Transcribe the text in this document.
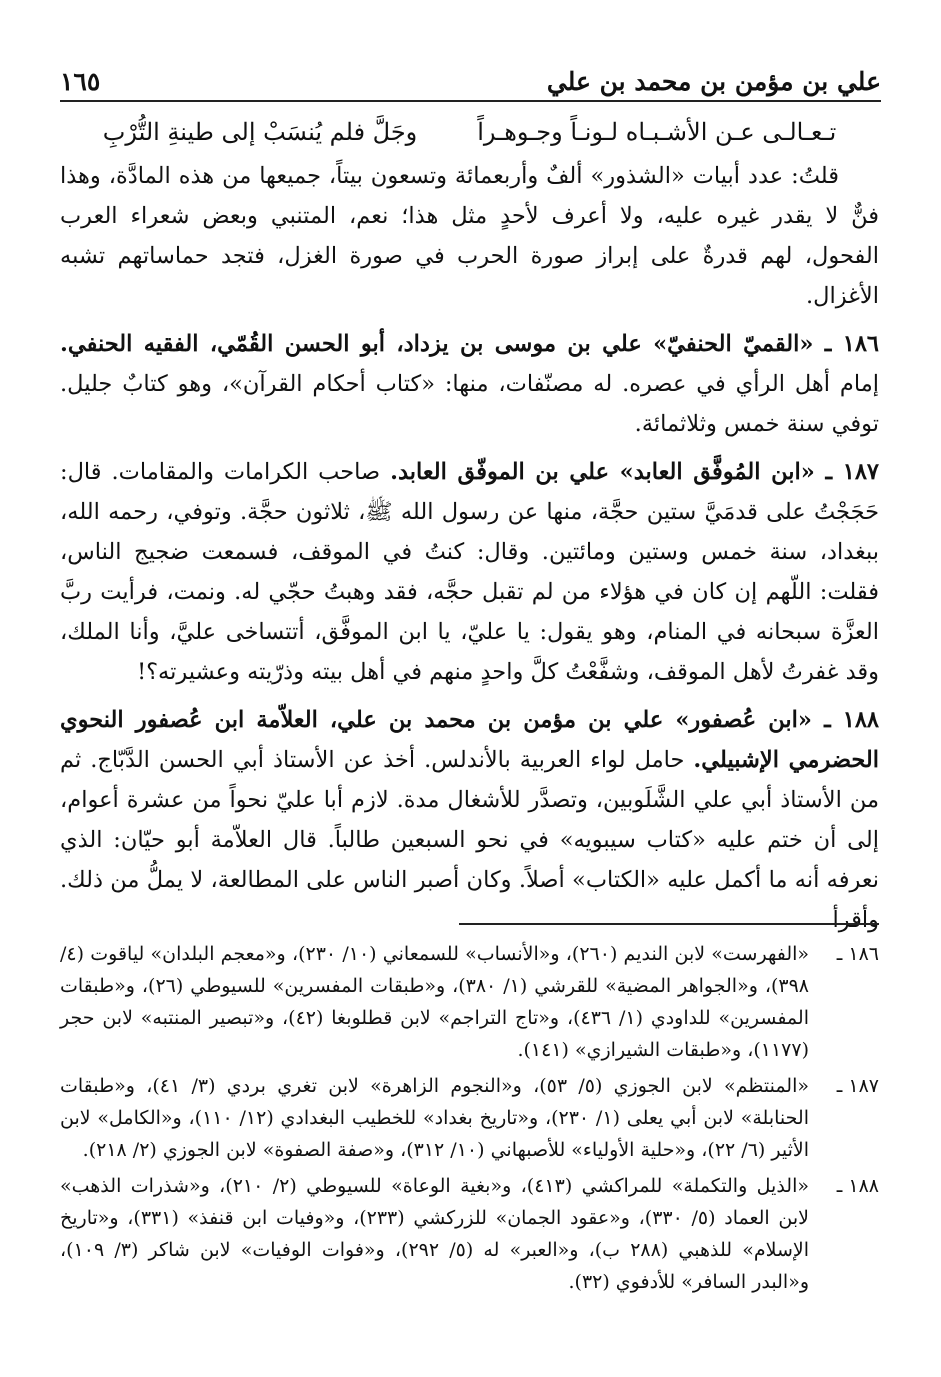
علي بن مؤمن بن محمد بن علي
١٦٥
تـعـالـى عـن الأشـبـاه لـونـاً وجـوهـراً
وجَلَّ فلم يُنسَبْ إلى طينةِ التُّرْبِ

قلتُ: عدد أبيات «الشذور» ألفٌ وأربعمائة وتسعون بيتاً، جميعها من هذه المادَّة، وهذا فنٌّ لا يقدر غيره عليه، ولا أعرف لأحدٍ مثل هذا؛ نعم، المتنبي وبعض شعراء العرب الفحول، لهم قدرةٌ على إبراز صورة الحرب في صورة الغزل، فتجد حماساتهم تشبه الأغزال.

١٨٦ ـ «القميّ الحنفيّ» علي بن موسى بن يزداد، أبو الحسن القُمّي، الفقيه الحنفي. إمام أهل الرأي في عصره. له مصنّفات، منها: «كتاب أحكام القرآن»، وهو كتابٌ جليل. توفي سنة خمس وثلاثمائة.

١٨٧ ـ «ابن المُوفَّق العابد» علي بن الموفّق العابد. صاحب الكرامات والمقامات. قال: حَجَجْتُ على قدمَيَّ ستين حجَّة، منها عن رسول الله ﷺ، ثلاثون حجَّة. وتوفي، رحمه الله، ببغداد، سنة خمس وستين ومائتين. وقال: كنتُ في الموقف، فسمعت ضجيج الناس، فقلت: اللّهم إن كان في هؤلاء من لم تقبل حجَّه، فقد وهبتُ حجّي له. ونمت، فرأيت ربَّ العزَّة سبحانه في المنام، وهو يقول: يا عليّ، يا ابن الموفَّق، أتتساخى عليَّ، وأنا الملك، وقد غفرتُ لأهل الموقف، وشفَّعْتُ كلَّ واحدٍ منهم في أهل بيته وذرّيته وعشيرته؟!

١٨٨ ـ «ابن عُصفور» علي بن مؤمن بن محمد بن علي، العلاّمة ابن عُصفور النحوي الحضرمي الإشبيلي. حامل لواء العربية بالأندلس. أخذ عن الأستاذ أبي الحسن الدَّبّاج. ثم من الأستاذ أبي علي الشَّلَوبين، وتصدَّر للأشغال مدة. لازم أبا عليّ نحواً من عشرة أعوام، إلى أن ختم عليه «كتاب سيبويه» في نحو السبعين طالباً. قال العلاّمة أبو حيّان: الذي نعرفه أنه ما أكمل عليه «الكتاب» أصلاً. وكان أصبر الناس على المطالعة، لا يملُّ من ذلك. وأقرأ

١٨٦ ـ
«الفهرست» لابن النديم (٢٦٠)، و«الأنساب» للسمعاني (١٠/ ٢٣٠)، و«معجم البلدان» لياقوت (٤/ ٣٩٨)، و«الجواهر المضية» للقرشي (١/ ٣٨٠)، و«طبقات المفسرين» للسيوطي (٢٦)، و«طبقات المفسرين» للداودي (١/ ٤٣٦)، و«تاج التراجم» لابن قطلوبغا (٤٢)، و«تبصير المنتبه» لابن حجر (١١٧٧)، و«طبقات الشيرازي» (١٤١).
١٨٧ ـ
«المنتظم» لابن الجوزي (٥/ ٥٣)، و«النجوم الزاهرة» لابن تغري بردي (٣/ ٤١)، و«طبقات الحنابلة» لابن أبي يعلى (١/ ٢٣٠)، و«تاريخ بغداد» للخطيب البغدادي (١٢/ ١١٠)، و«الكامل» لابن الأثير (٦/ ٢٢)، و«حلية الأولياء» للأصبهاني (١٠/ ٣١٢)، و«صفة الصفوة» لابن الجوزي (٢/ ٢١٨).
١٨٨ ـ
«الذيل والتكملة» للمراكشي (٤١٣)، و«بغية الوعاة» للسيوطي (٢/ ٢١٠)، و«شذرات الذهب» لابن العماد (٥/ ٣٣٠)، و«عقود الجمان» للزركشي (٢٣٣)، و«وفيات ابن قنفذ» (٣٣١)، و«تاريخ الإسلام» للذهبي (٢٨٨ ب)، و«العبر» له (٥/ ٢٩٢)، و«فوات الوفيات» لابن شاكر (٣/ ١٠٩)، و«البدر السافر» للأدفوي (٣٢).
